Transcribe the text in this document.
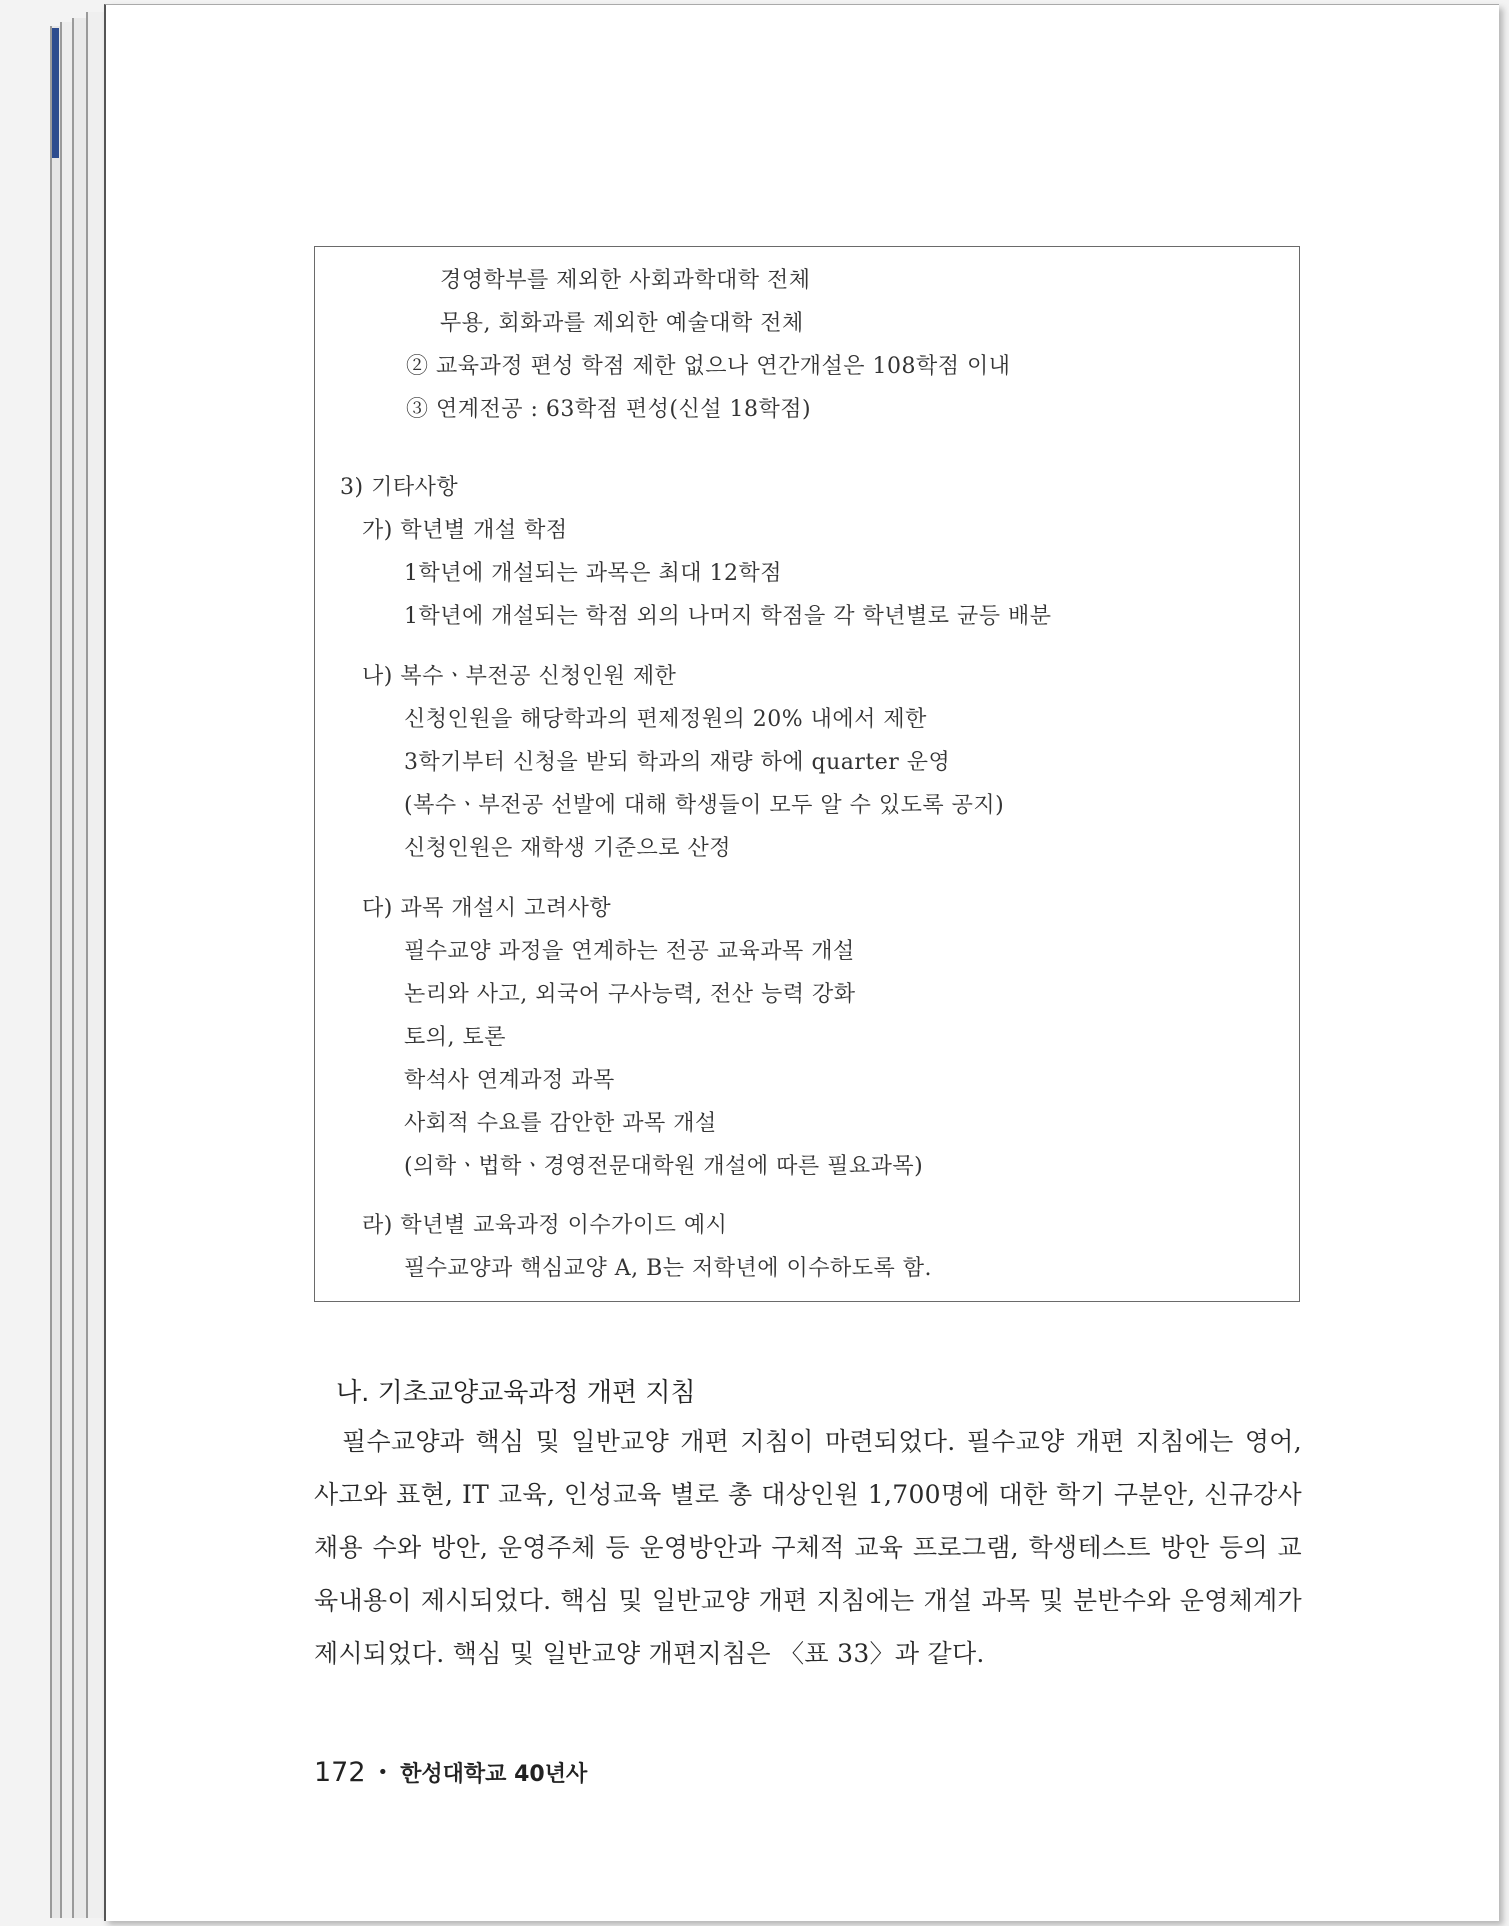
경영학부를 제외한 사회과학대학 전체
무용, 회화과를 제외한 예술대학 전체
② 교육과정 편성 학점 제한 없으나 연간개설은 108학점 이내
③ 연계전공 : 63학점 편성(신설 18학점)
3) 기타사항
가) 학년별 개설 학점
1학년에 개설되는 과목은 최대 12학점
1학년에 개설되는 학점 외의 나머지 학점을 각 학년별로 균등 배분
나) 복수ㆍ부전공 신청인원 제한
신청인원을 해당학과의 편제정원의 20% 내에서 제한
3학기부터 신청을 받되 학과의 재량 하에 quarter 운영
(복수ㆍ부전공 선발에 대해 학생들이 모두 알 수 있도록 공지)
신청인원은 재학생 기준으로 산정
다) 과목 개설시 고려사항
필수교양 과정을 연계하는 전공 교육과목 개설
논리와 사고, 외국어 구사능력, 전산 능력 강화
토의, 토론
학석사 연계과정 과목
사회적 수요를 감안한 과목 개설
(의학ㆍ법학ㆍ경영전문대학원 개설에 따른 필요과목)
라) 학년별 교육과정 이수가이드 예시
필수교양과 핵심교양 A, B는 저학년에 이수하도록 함.
나. 기초교양교육과정 개편 지침

필수교양과 핵심 및 일반교양 개편 지침이 마련되었다. 필수교양 개편 지침에는 영어, 사고와 표현, IT 교육, 인성교육 별로 총 대상인원 1,700명에 대한 학기 구분안, 신규강사 채용 수와 방안, 운영주체 등 운영방안과 구체적 교육 프로그램, 학생테스트 방안 등의 교육내용이 제시되었다. 핵심 및 일반교양 개편 지침에는 개설 과목 및 분반수와 운영체계가 제시되었다. 핵심 및 일반교양 개편지침은 〈표 33〉과 같다.

172 • 한성대학교 40년사
